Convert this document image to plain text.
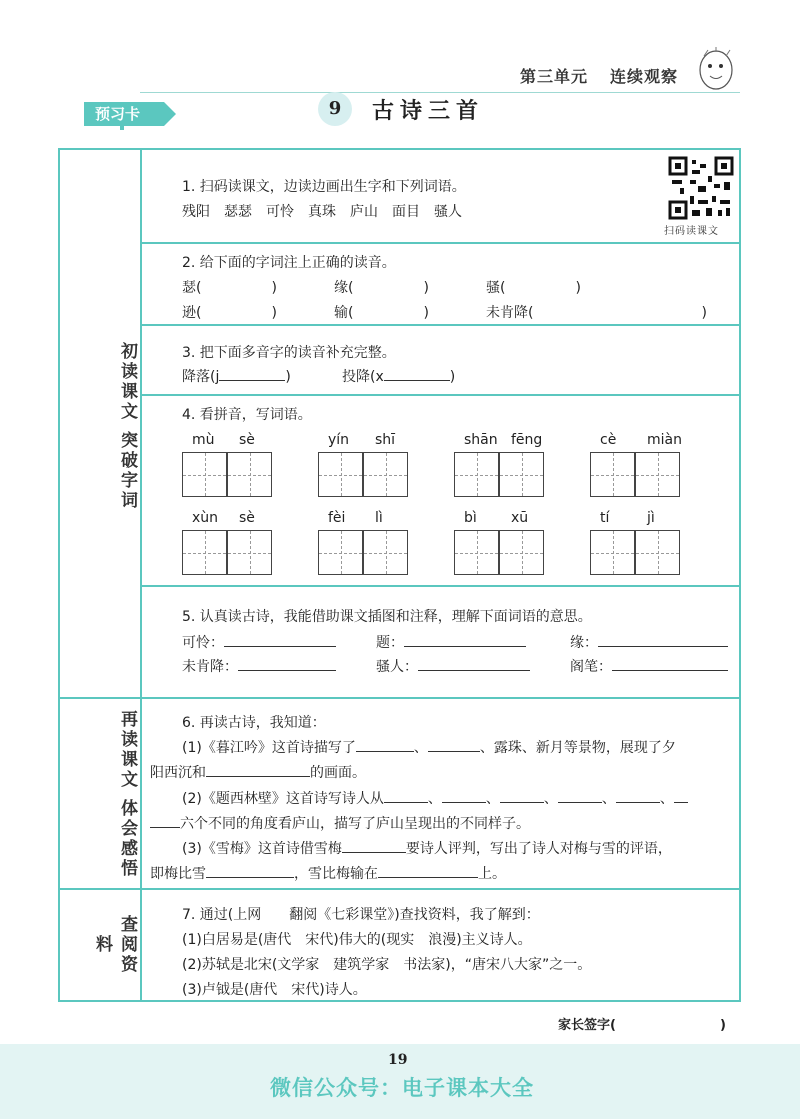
第三单元 连续观察
预习卡	9	古诗三首
初读课文 突破字词
再读课文 体会感悟
查阅资料
1. 扫码读课文，边读边画出生字和下列词语。
残阳　瑟瑟　可怜　真珠　庐山　面目　骚人
扫码读课文
2. 给下面的字词注上正确的读音。
瑟(　　　　　)	缘(　　　　　)	骚(　　　　　)
逊(　　　　　)	输(　　　　　)	未肯降(　　　　　　　　　　　　)
3. 把下面多音字的读音补充完整。
降落(j	)	投降(x	)
4. 看拼音，写词语。
mù sè	yín shī	shān fēng	cè miàn
xùn sè	fèi lì	bì xū	tí	jì
5. 认真读古诗，我能借助课文插图和注释，理解下面词语的意思。
可怜：	题：	缘：
未肯降：	骚人：	阁笔：
6. 再读古诗，我知道：
(1)《暮江吟》这首诗描写了	、	、露珠、新月等景物，展现了夕
阳西沉和	的画面。
(2)《题西林壁》这首诗写诗人从	、	、	、	、	、
六个不同的角度看庐山，描写了庐山呈现出的不同样子。
(3)《雪梅》这首诗借雪梅	要诗人评判，写出了诗人对梅与雪的评语，
即梅比雪	，雪比梅输在	上。
7. 通过(上网　　翻阅《七彩课堂》)查找资料，我了解到：
(1)白居易是(唐代　宋代)伟大的(现实　浪漫)主义诗人。
(2)苏轼是北宋(文学家　建筑学家　书法家)，“唐宋八大家”之一。
(3)卢钺是(唐代　宋代)诗人。
家长签字(　　　　　　　　)
19
微信公众号：电子课本大全
